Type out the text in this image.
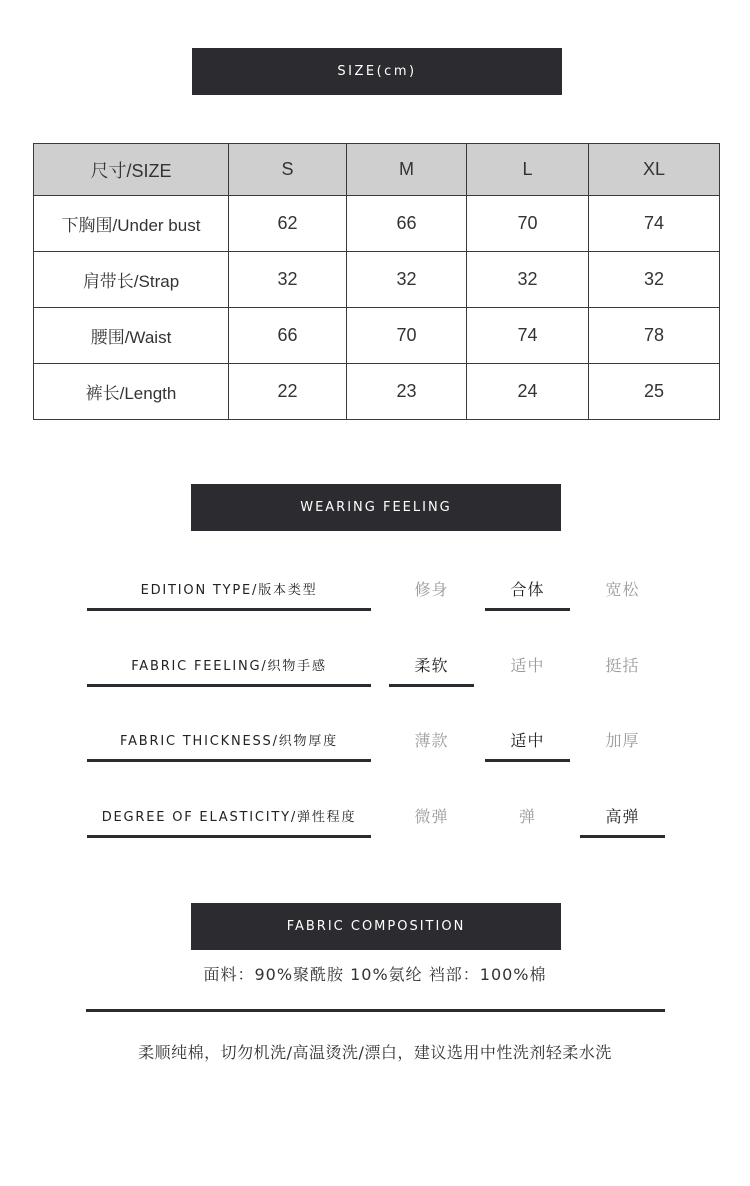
SIZE(cm)
尺寸/SIZE	S	M	L	XL
下胸围/Under bust	62	66	70	74
肩带长/Strap	32	32	32	32
腰围/Waist	66	70	74	78
裤长/Length	22	23	24	25
WEARING FEELING
EDITION TYPE/版本类型	修身	合体	宽松
FABRIC FEELING/织物手感	柔软	适中	挺括
FABRIC THICKNESS/织物厚度	薄款	适中	加厚
DEGREE OF ELASTICITY/弹性程度	微弹	弹	高弹
FABRIC COMPOSITION
面料：90%聚酰胺 10%氨纶 裆部：100%棉
柔顺纯棉，切勿机洗/高温烫洗/漂白，建议选用中性洗剂轻柔水洗
